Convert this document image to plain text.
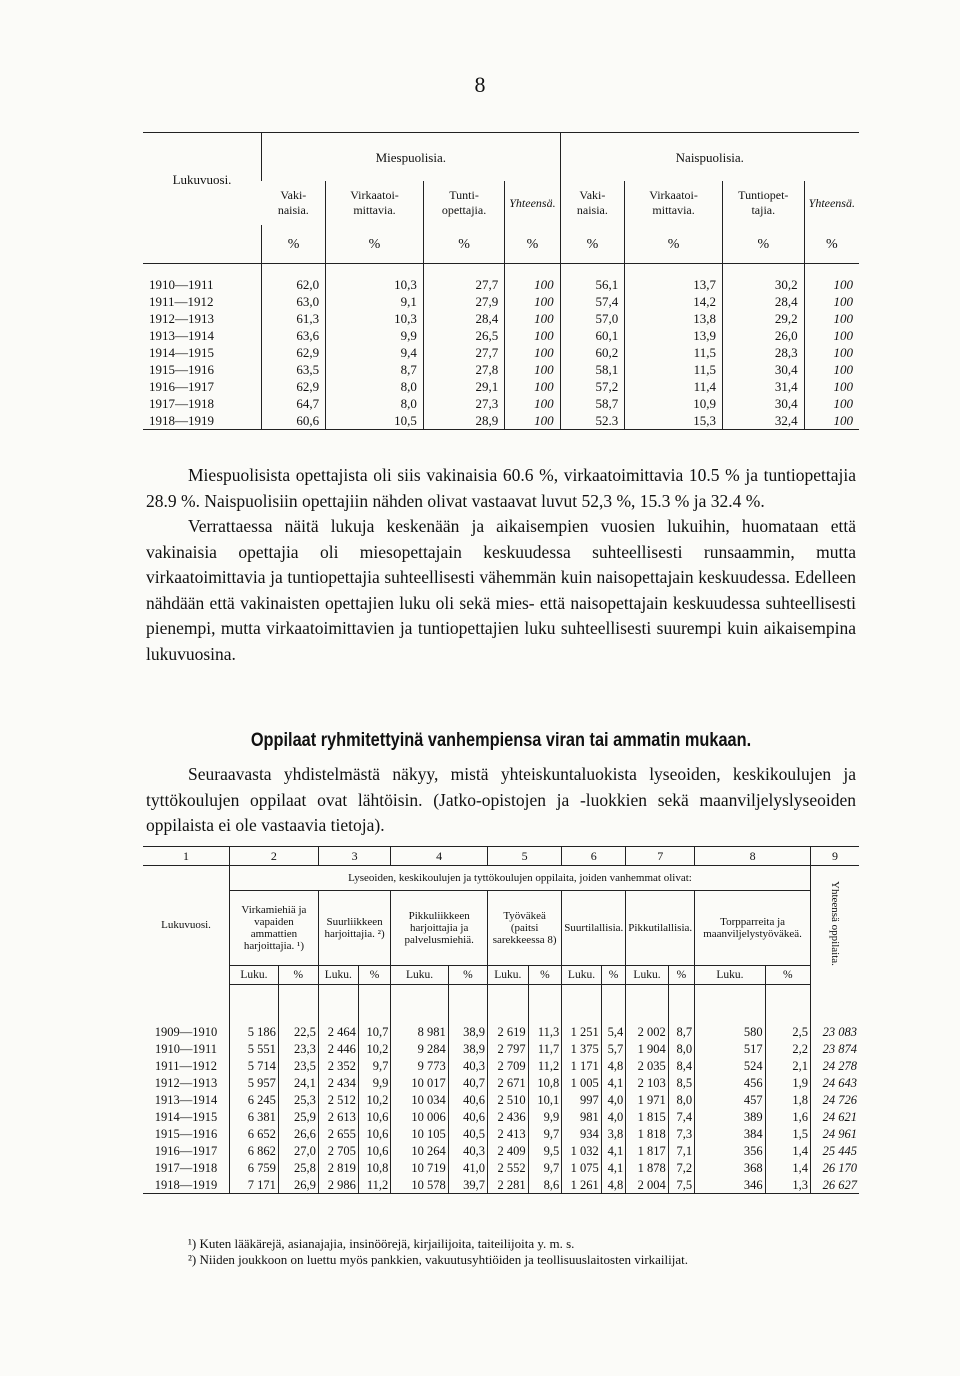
8
Lukuvuosi.	Miespuolisia.				Naispuolisia.			
	Vaki-naisia.	Virkaatoi-mittavia.	Tunti-opettajia.	Yhteensä.	Vaki-naisia.	Virkaatoi-mittavia.	Tuntiopet-tajia.	Yhteensä.
	%	%	%	%	%	%	%	%

1910—1911	62,0	10,3	27,7	100	56,1	13,7	30,2	100
1911—1912	63,0	9,1	27,9	100	57,4	14,2	28,4	100
1912—1913	61,3	10,3	28,4	100	57,0	13,8	29,2	100
1913—1914	63,6	9,9	26,5	100	60,1	13,9	26,0	100
1914—1915	62,9	9,4	27,7	100	60,2	11,5	28,3	100
1915—1916	63,5	8,7	27,8	100	58,1	11,5	30,4	100
1916—1917	62,9	8,0	29,1	100	57,2	11,4	31,4	100
1917—1918	64,7	8,0	27,3	100	58,7	10,9	30,4	100
1918—1919	60,6	10,5	28,9	100	52.3	15,3	32,4	100

Miespuolisista opettajista oli siis vakinaisia 60.6 %, virkaatoimittavia 10.5 % ja tuntiopettajia 28.9 %. Naispuolisiin opettajiin nähden olivat vastaavat luvut 52,3 %, 15.3 % ja 32.4 %.

Verrattaessa näitä lukuja keskenään ja aikaisempien vuosien lukuihin, huomataan että vakinaisia opettajia oli miesopettajain keskuudessa suhteellisesti runsaammin, mutta virkaatoimittavia ja tuntiopettajia suhteellisesti vähemmän kuin naisopettajain keskuudessa. Edelleen nähdään että vakinaisten opettajien luku oli sekä mies- että naisopettajain keskuudessa suhteellisesti pienempi, mutta virkaatoimittavien ja tuntiopettajien luku suhteellisesti suurempi kuin aikaisempina lukuvuosina.

Oppilaat ryhmitettyinä vanhempiensa viran tai ammatin mukaan.

Seuraavasta yhdistelmästä näkyy, mistä yhteiskuntaluokista lyseoiden, keskikoulujen ja tyttökoulujen oppilaat ovat lähtöisin. (Jatko-opistojen ja -luokkien sekä maanviljelyslyseoiden oppilaista ei ole vastaavia tietoja).

1	2		3		4		5		6		7		8		9
Lukuvuosi.	Lyseoiden, keskikoulujen ja tyttökoulujen oppilaita, joiden vanhemmat olivat:														Yhteensä oppilaita.
	Virkamiehiä ja vapaiden ammattien harjoittajia. ¹)		Suurliikkeen harjoittajia. ²)		Pikkuliikkeen harjoittajia ja palvelusmiehiä.		Työväkeä (paitsi sarekkeessa 8)		Suurtilallisia.		Pikkutilallisia.		Torpparreita ja maanviljelystyöväkeä.		
	Luku.	%	Luku.	%	Luku.	%	Luku.	%	Luku.	%	Luku.	%	Luku.	%	

1909—1910	5 186	22,5	2 464	10,7	8 981	38,9	2 619	11,3	1 251	5,4	2 002	8,7	580	2,5	23 083
1910—1911	5 551	23,3	2 446	10,2	9 284	38,9	2 797	11,7	1 375	5,7	1 904	8,0	517	2,2	23 874
1911—1912	5 714	23,5	2 352	9,7	9 773	40,3	2 709	11,2	1 171	4,8	2 035	8,4	524	2,1	24 278
1912—1913	5 957	24,1	2 434	9,9	10 017	40,7	2 671	10,8	1 005	4,1	2 103	8,5	456	1,9	24 643
1913—1914	6 245	25,3	2 512	10,2	10 034	40,6	2 510	10,1	997	4,0	1 971	8,0	457	1,8	24 726
1914—1915	6 381	25,9	2 613	10,6	10 006	40,6	2 436	9,9	981	4,0	1 815	7,4	389	1,6	24 621
1915—1916	6 652	26,6	2 655	10,6	10 105	40,5	2 413	9,7	934	3,8	1 818	7,3	384	1,5	24 961
1916—1917	6 862	27,0	2 705	10,6	10 264	40,3	2 409	9,5	1 032	4,1	1 817	7,1	356	1,4	25 445
1917—1918	6 759	25,8	2 819	10,8	10 719	41,0	2 552	9,7	1 075	4,1	1 878	7,2	368	1,4	26 170
1918—1919	7 171	26,9	2 986	11,2	10 578	39,7	2 281	8,6	1 261	4,8	2 004	7,5	346	1,3	26 627

¹) Kuten lääkärejä, asianajajia, insinöörejä, kirjailijoita, taiteilijoita y. m. s.

²) Niiden joukkoon on luettu myös pankkien, vakuutusyhtiöiden ja teollisuuslaitosten virkailijat.
